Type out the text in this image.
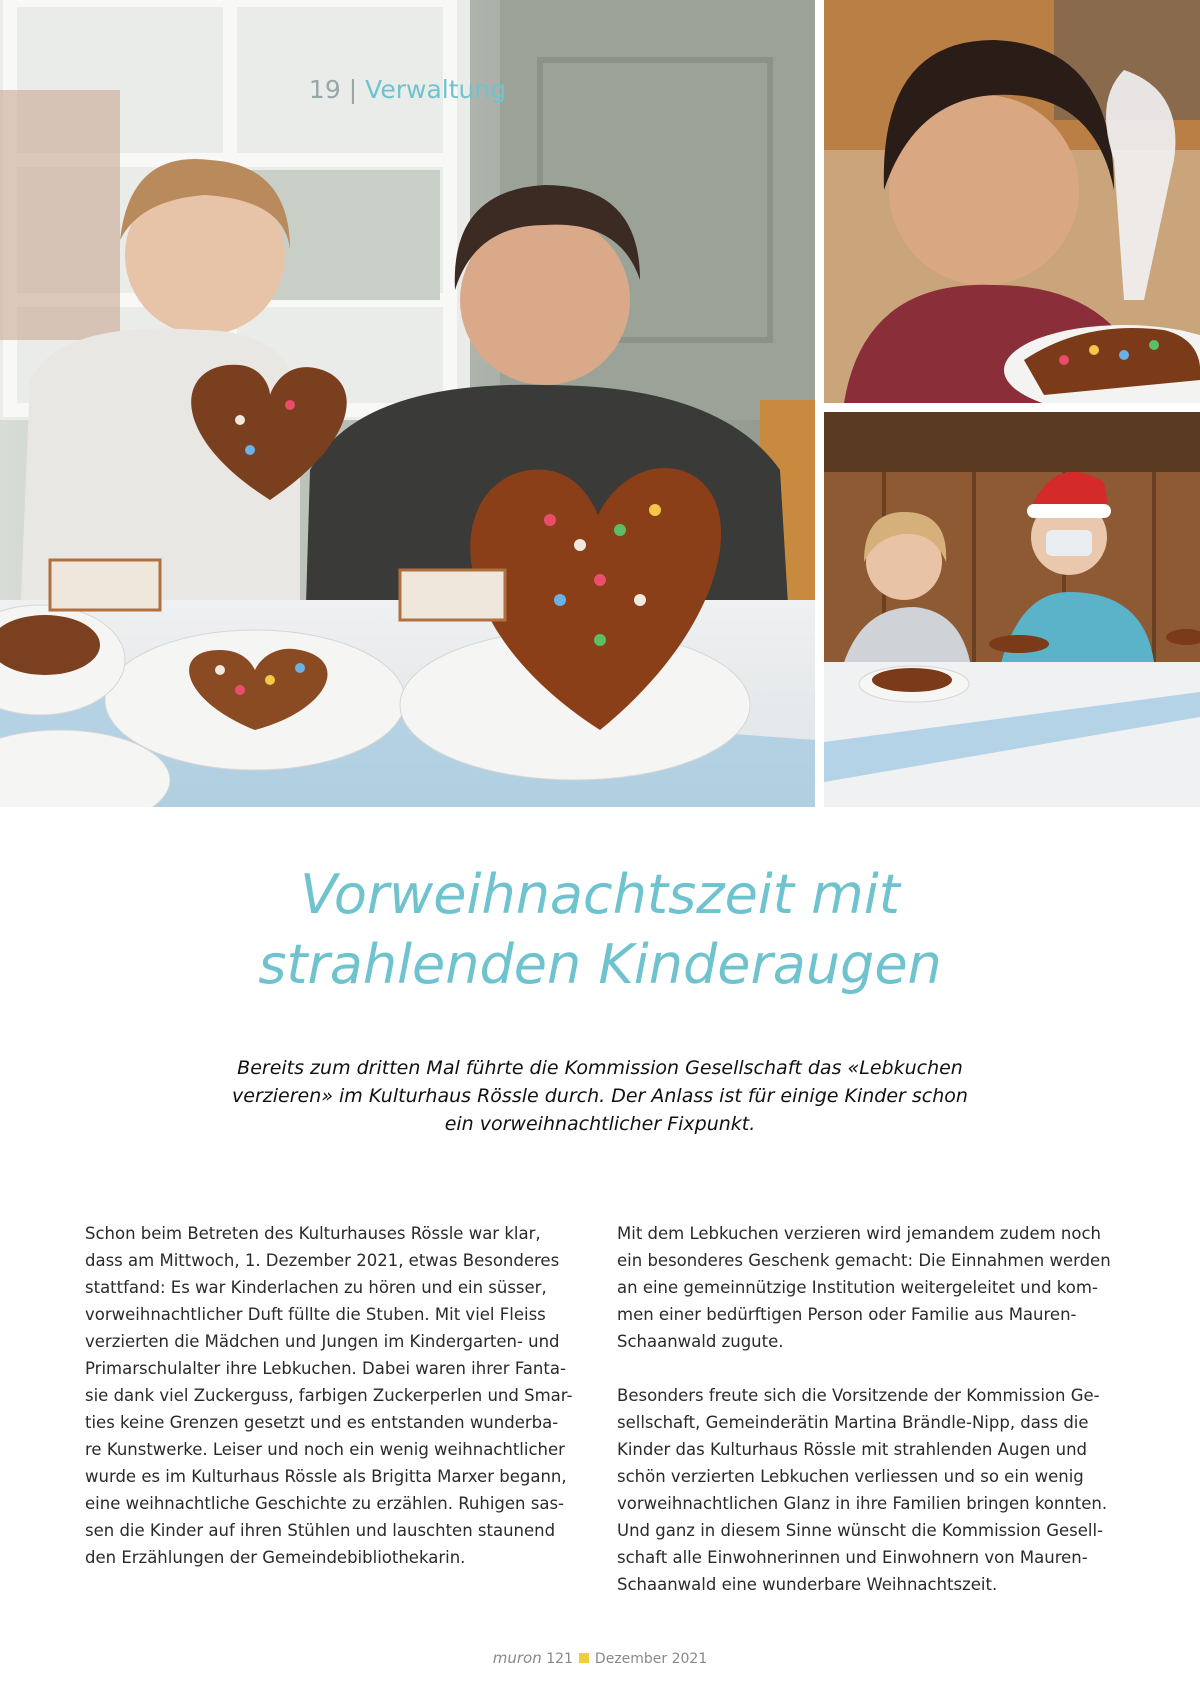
19 | Verwaltung
Vorweihnachtszeit mit
strahlenden Kinderaugen
Bereits zum dritten Mal führte die Kommission Gesellschaft das «Lebkuchen
verzieren» im Kulturhaus Rössle durch. Der Anlass ist für einige Kinder schon
ein vorweihnachtlicher Fixpunkt.
Schon beim Betreten des Kulturhauses Rössle war klar,
dass am Mittwoch, 1. Dezember 2021, etwas Besonderes
stattfand: Es war Kinderlachen zu hören und ein süsser,
vorweihnachtlicher Duft füllte die Stuben. Mit viel Fleiss
verzierten die Mädchen und Jungen im Kindergarten- und
Primarschulalter ihre Lebkuchen. Dabei waren ihrer Fanta-
sie dank viel Zuckerguss, farbigen Zuckerperlen und Smar-
ties keine Grenzen gesetzt und es entstanden wunderba-
re Kunstwerke. Leiser und noch ein wenig weihnachtlicher
wurde es im Kulturhaus Rössle als Brigitta Marxer begann,
eine weihnachtliche Geschichte zu erzählen. Ruhigen sas-
sen die Kinder auf ihren Stühlen und lauschten staunend
den Erzählungen der Gemeindebibliothekarin.
Mit dem Lebkuchen verzieren wird jemandem zudem noch
ein besonderes Geschenk gemacht: Die Einnahmen werden
an eine gemeinnützige Institution weitergeleitet und kom-
men einer bedürftigen Person oder Familie aus Mauren-
Schaanwald zugute.
Besonders freute sich die Vorsitzende der Kommission Ge-
sellschaft, Gemeinderätin Martina Brändle-Nipp, dass die
Kinder das Kulturhaus Rössle mit strahlenden Augen und
schön verzierten Lebkuchen verliessen und so ein wenig
vorweihnachtlichen Glanz in ihre Familien bringen konnten.
Und ganz in diesem Sinne wünscht die Kommission Gesell-
schaft alle Einwohnerinnen und Einwohnern von Mauren-
Schaanwald eine wunderbare Weihnachtszeit.
muron 121 Dezember 2021
